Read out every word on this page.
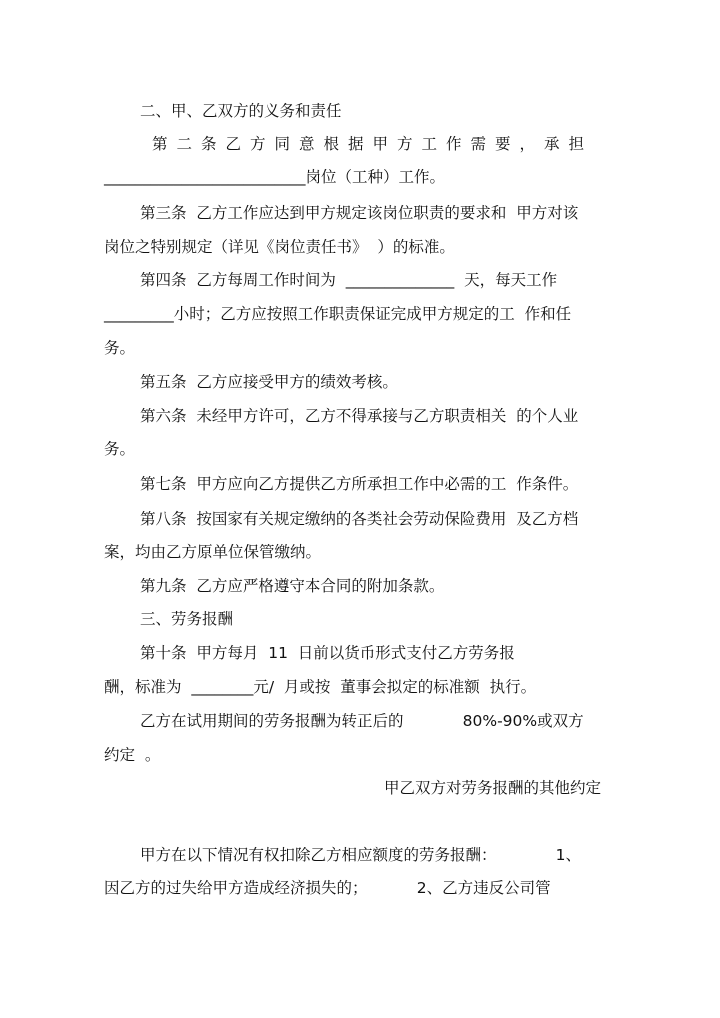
二、甲、乙双方的义务和责任
第二条乙方同意根据甲方工作需要，承担
__________________________岗位（工种）工作。
第三条  乙方工作应达到甲方规定该岗位职责的要求和  甲方对该
岗位之特别规定（详见《岗位责任书》  ）的标准。
第四条  乙方每周工作时间为  ______________  天，每天工作
_________小时；乙方应按照工作职责保证完成甲方规定的工  作和任
务。
第五条  乙方应接受甲方的绩效考核。
第六条  未经甲方许可，乙方不得承接与乙方职责相关  的个人业
务。
第七条  甲方应向乙方提供乙方所承担工作中必需的工  作条件。
第八条  按国家有关规定缴纳的各类社会劳动保险费用  及乙方档
案，均由乙方原单位保管缴纳。
第九条  乙方应严格遵守本合同的附加条款。
三、劳务报酬
第十条  甲方每月  11  日前以货币形式支付乙方劳务报
酬，标准为  ________元/  月或按  董事会拟定的标准额  执行。
乙方在试用期间的劳务报酬为转正后的            80%-90%或双方
约定  。
甲乙双方对劳务报酬的其他约定
甲方在以下情况有权扣除乙方相应额度的劳务报酬：            1、
因乙方的过失给甲方造成经济损失的；          2、乙方违反公司管
